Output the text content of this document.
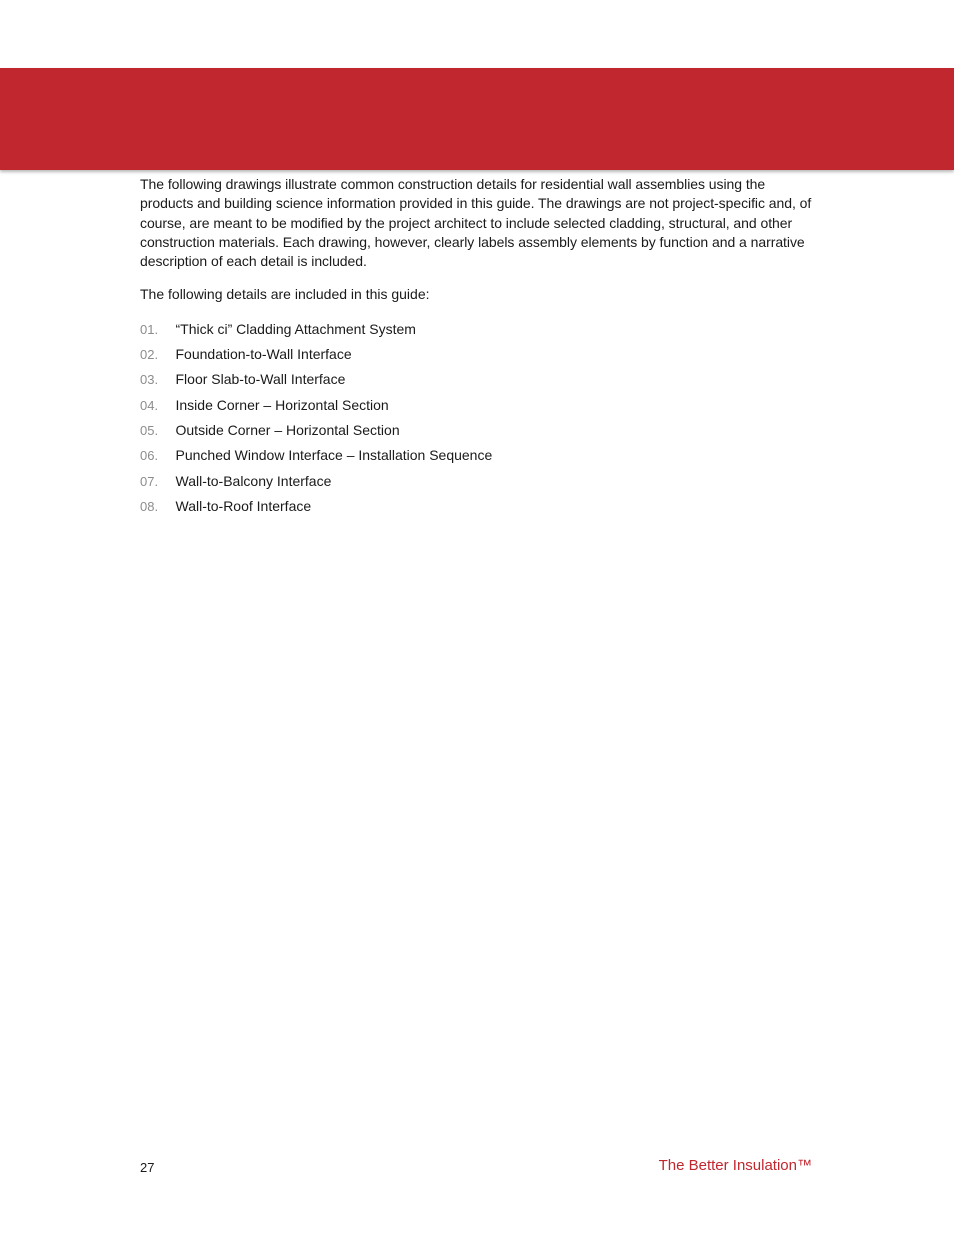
The following drawings illustrate common construction details for residential wall assemblies using the products and building science information provided in this guide. The drawings are not project-specific and, of course, are meant to be modified by the project architect to include selected cladding, structural, and other construction materials. Each drawing, however, clearly labels assembly elements by function and a narrative description of each detail is included.

The following details are included in this guide:

01.	“Thick ci” Cladding Attachment System
02.	Foundation-to-Wall Interface
03.	Floor Slab-to-Wall Interface
04.	Inside Corner – Horizontal Section
05.	Outside Corner – Horizontal Section
06.	Punched Window Interface – Installation Sequence
07.	Wall-to-Balcony Interface
08.	Wall-to-Roof Interface
27	The Better Insulation™
